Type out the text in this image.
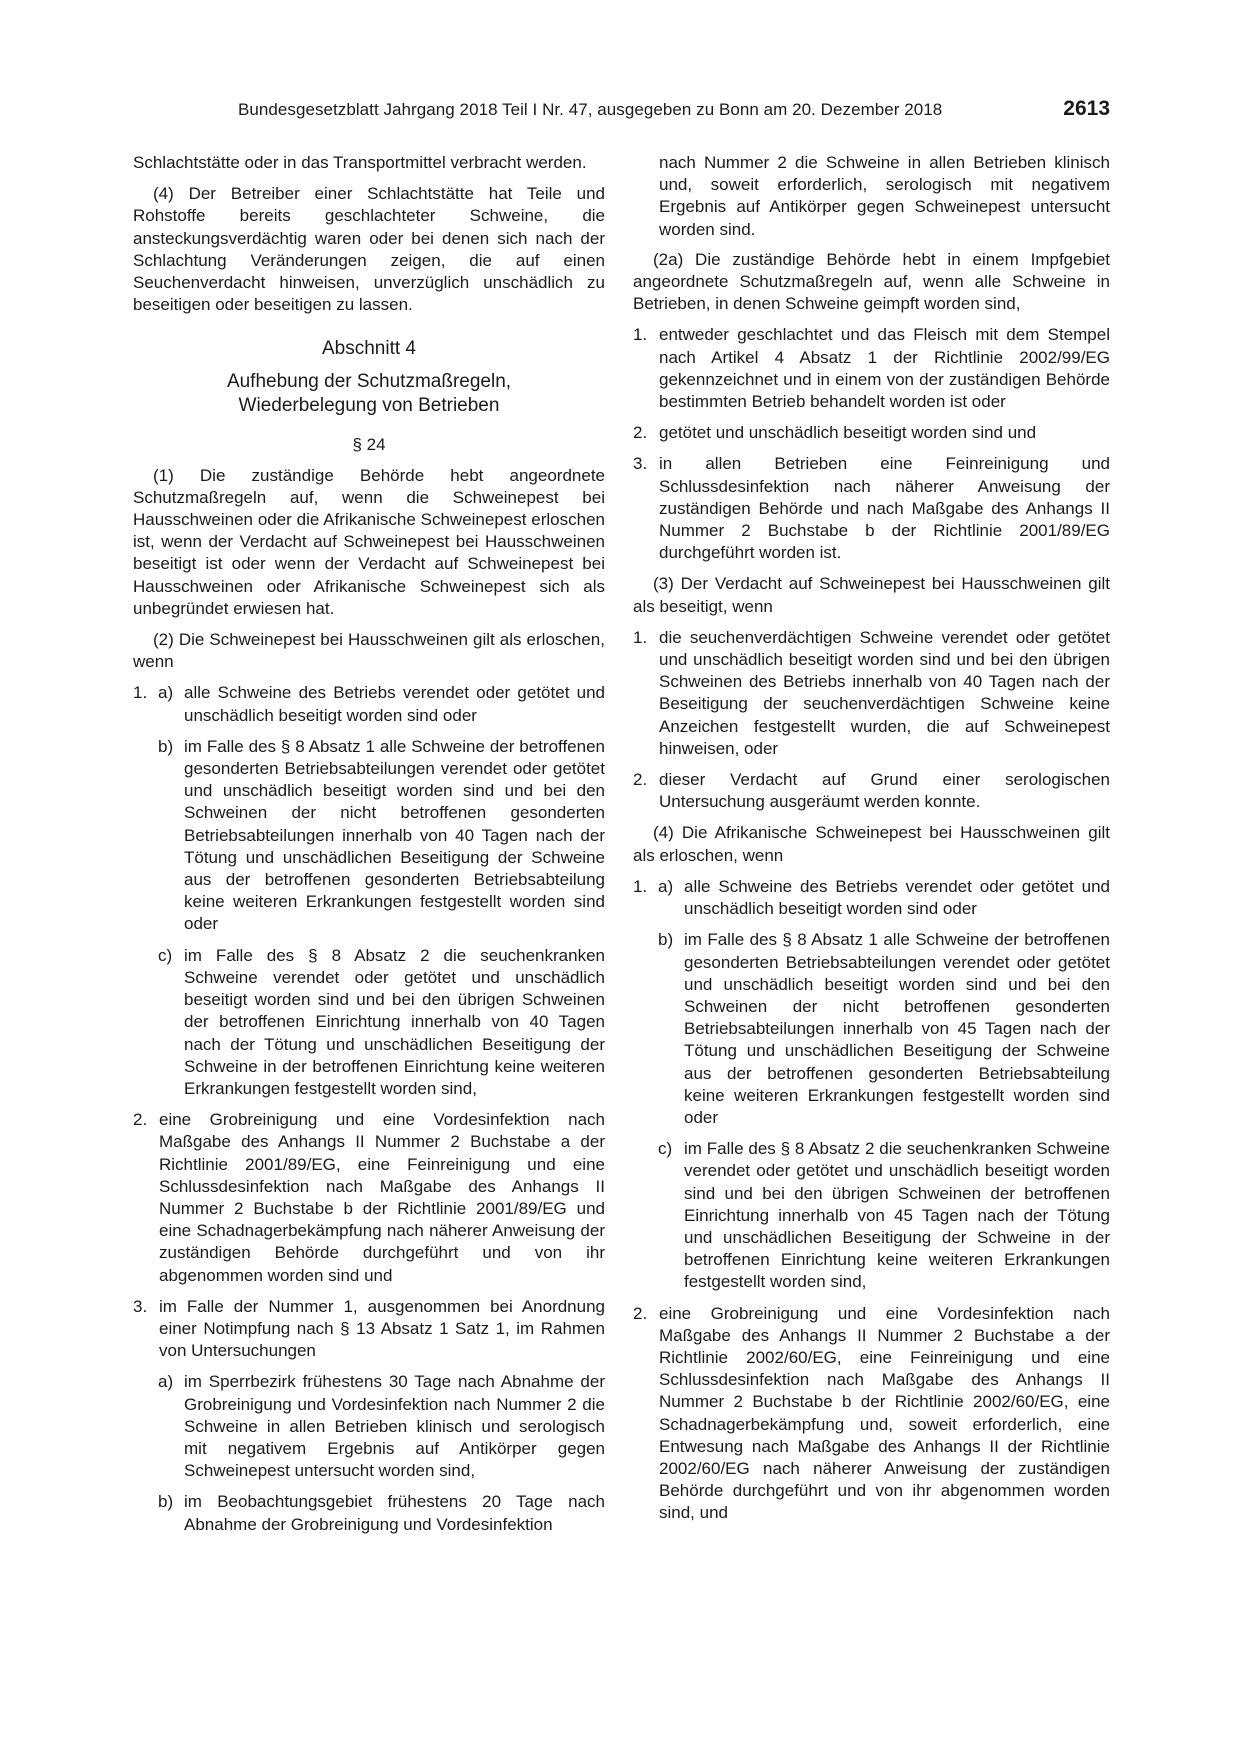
Bundesgesetzblatt Jahrgang 2018 Teil I Nr. 47, ausgegeben zu Bonn am 20. Dezember 2018	2613

Schlachtstätte oder in das Transportmittel verbracht werden.

(4) Der Betreiber einer Schlachtstätte hat Teile und Rohstoffe bereits geschlachteter Schweine, die ansteckungsverdächtig waren oder bei denen sich nach der Schlachtung Veränderungen zeigen, die auf einen Seuchenverdacht hinweisen, unverzüglich unschädlich zu beseitigen oder beseitigen zu lassen.

Abschnitt 4
Aufhebung der Schutzmaßregeln,
Wiederbelegung von Betrieben
§ 24

(1) Die zuständige Behörde hebt angeordnete Schutzmaßregeln auf, wenn die Schweinepest bei Hausschweinen oder die Afrikanische Schweinepest erloschen ist, wenn der Verdacht auf Schweinepest bei Hausschweinen beseitigt ist oder wenn der Verdacht auf Schweinepest bei Hausschweinen oder Afrikanische Schweinepest sich als unbegründet erwiesen hat.

(2) Die Schweinepest bei Hausschweinen gilt als erloschen, wenn

1. a) alle Schweine des Betriebs verendet oder getötet und unschädlich beseitigt worden sind oder
b) im Falle des § 8 Absatz 1 alle Schweine der betroffenen gesonderten Betriebsabteilungen verendet oder getötet und unschädlich beseitigt worden sind und bei den Schweinen der nicht betroffenen gesonderten Betriebsabteilungen innerhalb von 40 Tagen nach der Tötung und unschädlichen Beseitigung der Schweine aus der betroffenen gesonderten Betriebsabteilung keine weiteren Erkrankungen festgestellt worden sind oder
c) im Falle des § 8 Absatz 2 die seuchenkranken Schweine verendet oder getötet und unschädlich beseitigt worden sind und bei den übrigen Schweinen der betroffenen Einrichtung innerhalb von 40 Tagen nach der Tötung und unschädlichen Beseitigung der Schweine in der betroffenen Einrichtung keine weiteren Erkrankungen festgestellt worden sind,
2. eine Grobreinigung und eine Vordesinfektion nach Maßgabe des Anhangs II Nummer 2 Buchstabe a der Richtlinie 2001/89/EG, eine Feinreinigung und eine Schlussdesinfektion nach Maßgabe des Anhangs II Nummer 2 Buchstabe b der Richtlinie 2001/89/EG und eine Schadnagerbekämpfung nach näherer Anweisung der zuständigen Behörde durchgeführt und von ihr abgenommen worden sind und
3. im Falle der Nummer 1, ausgenommen bei Anordnung einer Notimpfung nach § 13 Absatz 1 Satz 1, im Rahmen von Untersuchungen
a) im Sperrbezirk frühestens 30 Tage nach Abnahme der Grobreinigung und Vordesinfektion nach Nummer 2 die Schweine in allen Betrieben klinisch und serologisch mit negativem Ergebnis auf Antikörper gegen Schweinepest untersucht worden sind,
b) im Beobachtungsgebiet frühestens 20 Tage nach Abnahme der Grobreinigung und Vordesinfektion

nach Nummer 2 die Schweine in allen Betrieben klinisch und, soweit erforderlich, serologisch mit negativem Ergebnis auf Antikörper gegen Schweinepest untersucht worden sind.

(2a) Die zuständige Behörde hebt in einem Impfgebiet angeordnete Schutzmaßregeln auf, wenn alle Schweine in Betrieben, in denen Schweine geimpft worden sind,

1. entweder geschlachtet und das Fleisch mit dem Stempel nach Artikel 4 Absatz 1 der Richtlinie 2002/99/EG gekennzeichnet und in einem von der zuständigen Behörde bestimmten Betrieb behandelt worden ist oder
2. getötet und unschädlich beseitigt worden sind und
3. in allen Betrieben eine Feinreinigung und Schlussdesinfektion nach näherer Anweisung der zuständigen Behörde und nach Maßgabe des Anhangs II Nummer 2 Buchstabe b der Richtlinie 2001/89/EG durchgeführt worden ist.

(3) Der Verdacht auf Schweinepest bei Hausschweinen gilt als beseitigt, wenn

1. die seuchenverdächtigen Schweine verendet oder getötet und unschädlich beseitigt worden sind und bei den übrigen Schweinen des Betriebs innerhalb von 40 Tagen nach der Beseitigung der seuchenverdächtigen Schweine keine Anzeichen festgestellt wurden, die auf Schweinepest hinweisen, oder
2. dieser Verdacht auf Grund einer serologischen Untersuchung ausgeräumt werden konnte.

(4) Die Afrikanische Schweinepest bei Hausschweinen gilt als erloschen, wenn

1. a) alle Schweine des Betriebs verendet oder getötet und unschädlich beseitigt worden sind oder
b) im Falle des § 8 Absatz 1 alle Schweine der betroffenen gesonderten Betriebsabteilungen verendet oder getötet und unschädlich beseitigt worden sind und bei den Schweinen der nicht betroffenen gesonderten Betriebsabteilungen innerhalb von 45 Tagen nach der Tötung und unschädlichen Beseitigung der Schweine aus der betroffenen gesonderten Betriebsabteilung keine weiteren Erkrankungen festgestellt worden sind oder
c) im Falle des § 8 Absatz 2 die seuchenkranken Schweine verendet oder getötet und unschädlich beseitigt worden sind und bei den übrigen Schweinen der betroffenen Einrichtung innerhalb von 45 Tagen nach der Tötung und unschädlichen Beseitigung der Schweine in der betroffenen Einrichtung keine weiteren Erkrankungen festgestellt worden sind,
2. eine Grobreinigung und eine Vordesinfektion nach Maßgabe des Anhangs II Nummer 2 Buchstabe a der Richtlinie 2002/60/EG, eine Feinreinigung und eine Schlussdesinfektion nach Maßgabe des Anhangs II Nummer 2 Buchstabe b der Richtlinie 2002/60/EG, eine Schadnagerbekämpfung und, soweit erforderlich, eine Entwesung nach Maßgabe des Anhangs II der Richtlinie 2002/60/EG nach näherer Anweisung der zuständigen Behörde durchgeführt und von ihr abgenommen worden sind, und
